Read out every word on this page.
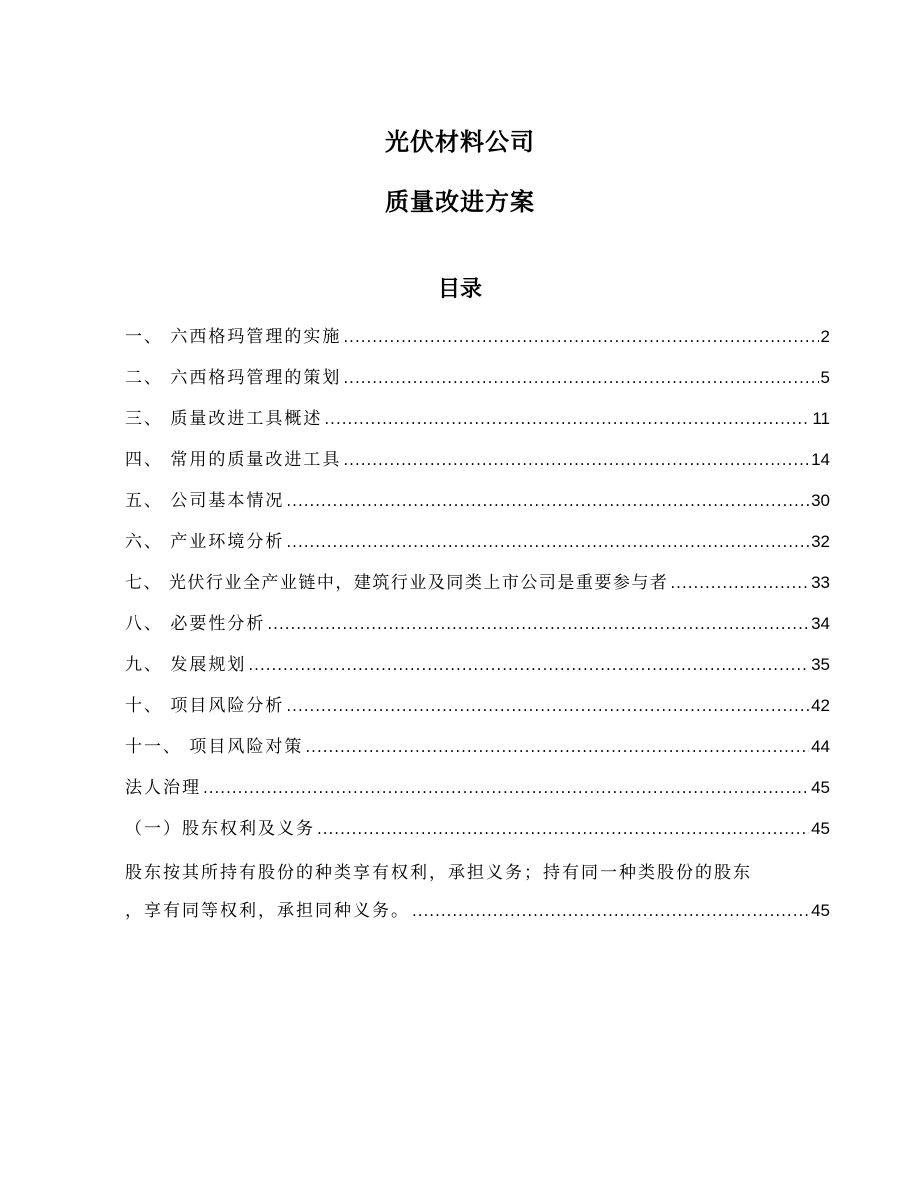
光伏材料公司
质量改进方案
目录
一、 六西格玛管理的实施 .....	2
二、 六西格玛管理的策划 .....	5
三、 质量改进工具概述 .....	11
四、 常用的质量改进工具 .....	14
五、 公司基本情况 .....	30
六、 产业环境分析 .....	32
七、 光伏行业全产业链中，建筑行业及同类上市公司是重要参与者 .....	33
八、 必要性分析 .....	34
九、 发展规划 .....	35
十、 项目风险分析 .....	42
十一、 项目风险对策 .....	44
法人治理 .....	45
（一）股东权利及义务 .....	45
股东按其所持有股份的种类享有权利，承担义务；持有同一种类股份的股东
，享有同等权利，承担同种义务。 .....	45
